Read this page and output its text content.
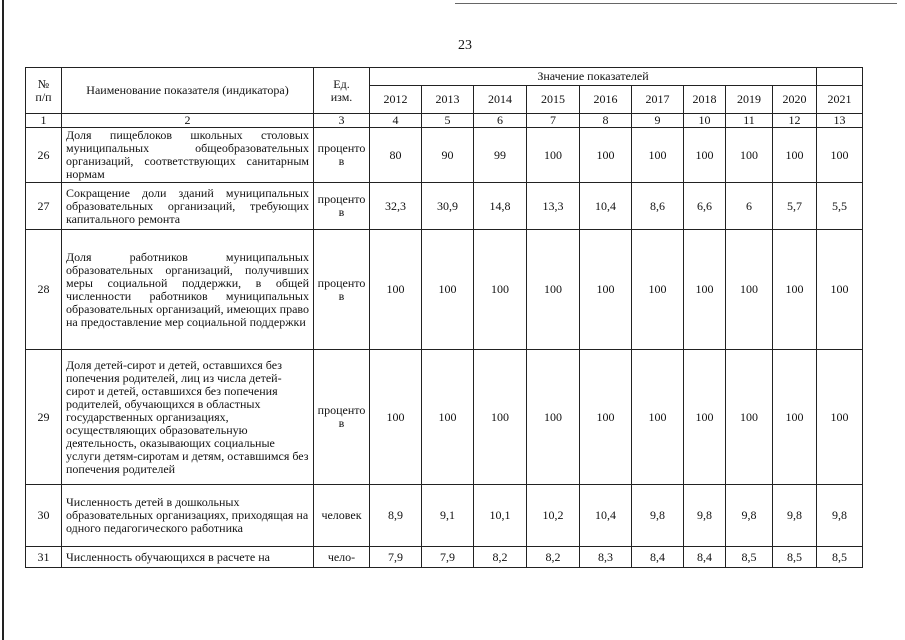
23
№ п/п	Наименование показателя (индикатора)	Ед. изм.	Значение показателей									
			2012	2013	2014	2015	2016	2017	2018	2019	2020	2021
1	2	3	4	5	6	7	8	9	10	11	12	13
26	Доля пищеблоков школьных столовых муниципальных общеобразовательных организаций, соответствующих санитарным нормам	процентов	80	90	99	100	100	100	100	100	100	100
27	Сокращение доли зданий муниципальных образовательных организаций, требующих капитального ремонта	процентов	32,3	30,9	14,8	13,3	10,4	8,6	6,6	6	5,7	5,5
28	Доля работников муниципальных образовательных организаций, получивших меры социальной поддержки, в общей численности работников муниципальных образовательных организаций, имеющих право на предоставление мер социальной поддержки	процентов	100	100	100	100	100	100	100	100	100	100
29	Доля детей-сирот и детей, оставшихся без попечения родителей, лиц из числа детей-сирот и детей, оставшихся без попечения родителей, обучающихся в областных государственных организациях, осуществляющих образовательную деятельность, оказывающих социальные услуги детям-сиротам и детям, оставшимся без попечения родителей	процентов	100	100	100	100	100	100	100	100	100	100
30	Численность детей в дошкольных образовательных организациях, приходящая на одного педагогического работника	человек	8,9	9,1	10,1	10,2	10,4	9,8	9,8	9,8	9,8	9,8
31	Численность обучающихся в расчете на	чело-	7,9	7,9	8,2	8,2	8,3	8,4	8,4	8,5	8,5	8,5
